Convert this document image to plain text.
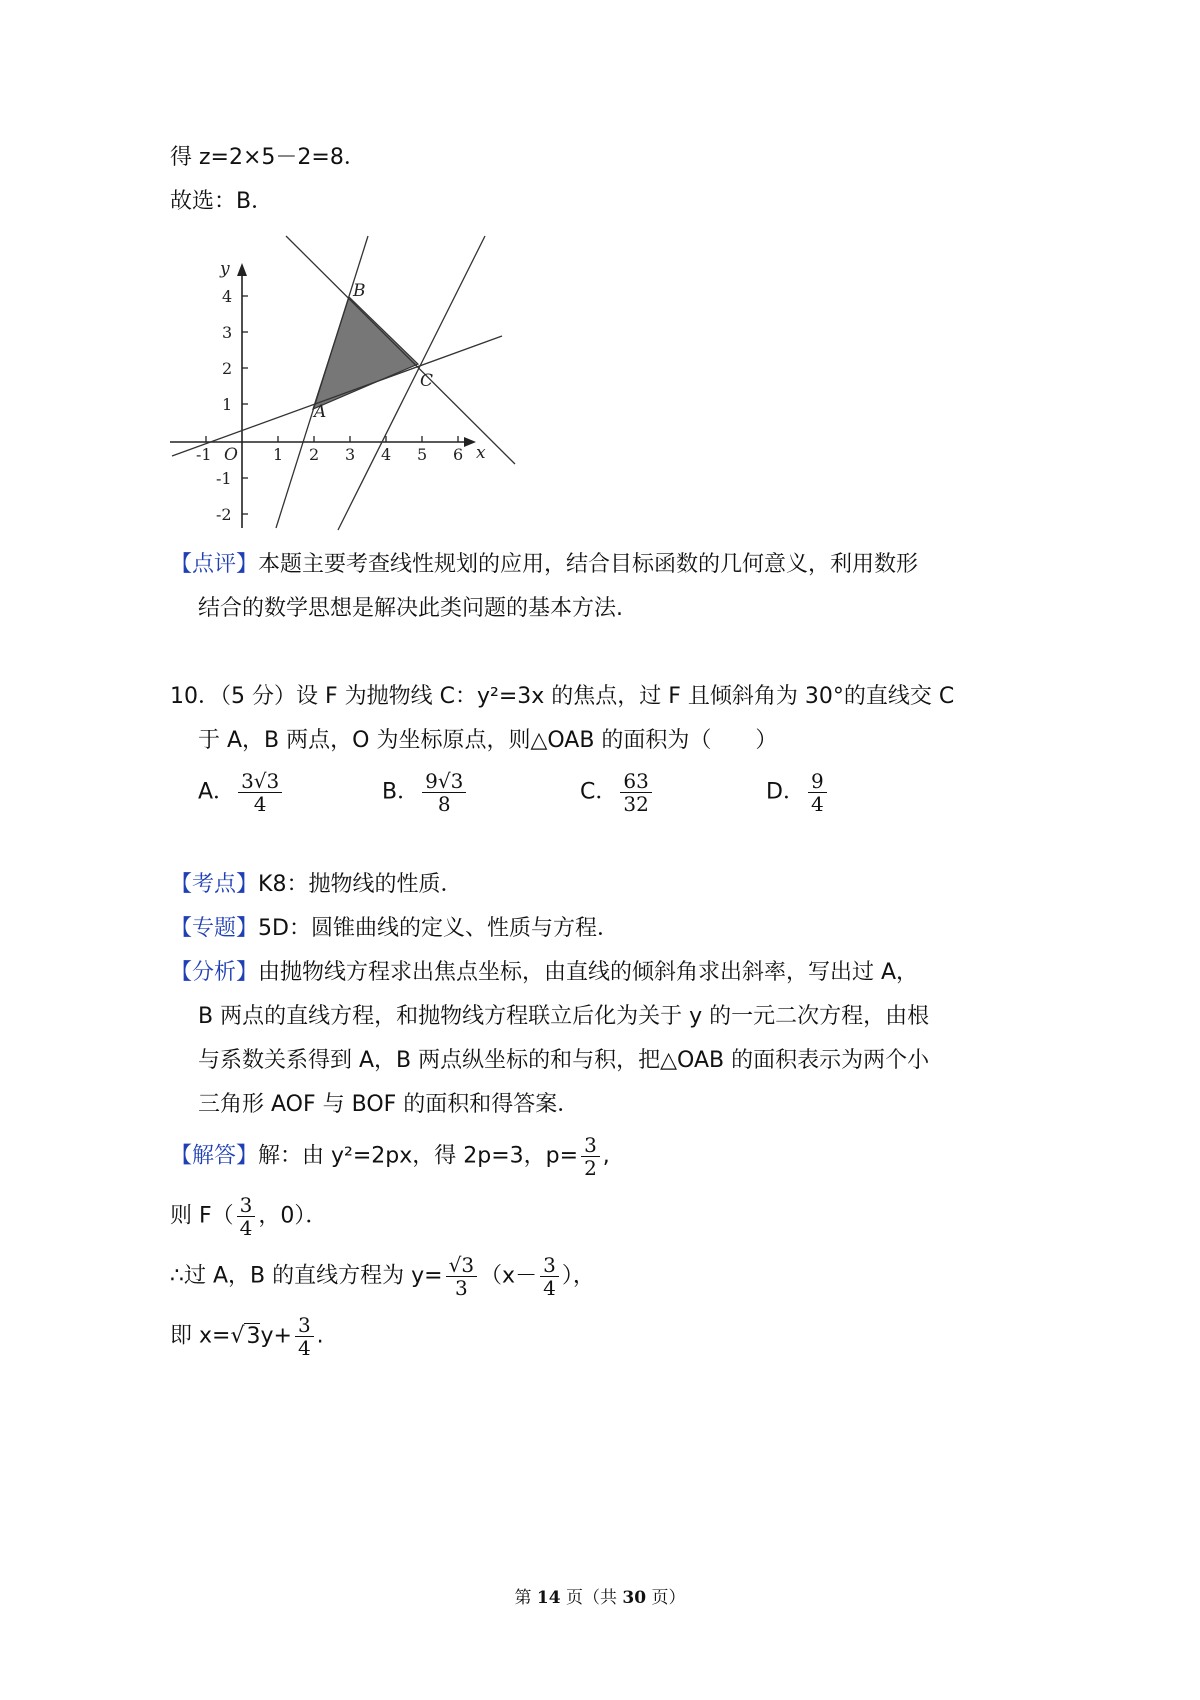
得 z=2×5－2=8．
故选：B．
y
x
O
B
C
A
4
3
2
1
-1
-2
-1	1 2 3 4 5 6
【点评】本题主要考查线性规划的应用，结合目标函数的几何意义，利用数形
结合的数学思想是解决此类问题的基本方法.
10．（5 分）设 F 为抛物线 C：y²=3x 的焦点，过 F 且倾斜角为 30°的直线交 C
于 A，B 两点，O 为坐标原点，则△OAB 的面积为（　　）
A． $\frac{3√3}{4}$	B． $\frac{9√3}{8}$	C． $\frac{63}{32}$	D． $\frac{9}{4}$
【考点】K8：抛物线的性质．
【专题】5D：圆锥曲线的定义、性质与方程．
【分析】由抛物线方程求出焦点坐标，由直线的倾斜角求出斜率，写出过 A，
B 两点的直线方程，和抛物线方程联立后化为关于 y 的一元二次方程，由根
与系数关系得到 A，B 两点纵坐标的和与积，把△OAB 的面积表示为两个小
三角形 AOF 与 BOF 的面积和得答案．
【解答】解：由 y²=2px，得 2p=3，$p= \frac{3}{2}$ ,
则 $F( \frac{3}{4}$ ，0）．
∴过 A，B 的直线方程为 $y= \frac{√3}{3} (x- \frac{3}{4}$ ），
即 $x=√3y+ \frac{3}{4}$ .
第 14 页（共 30 页）
